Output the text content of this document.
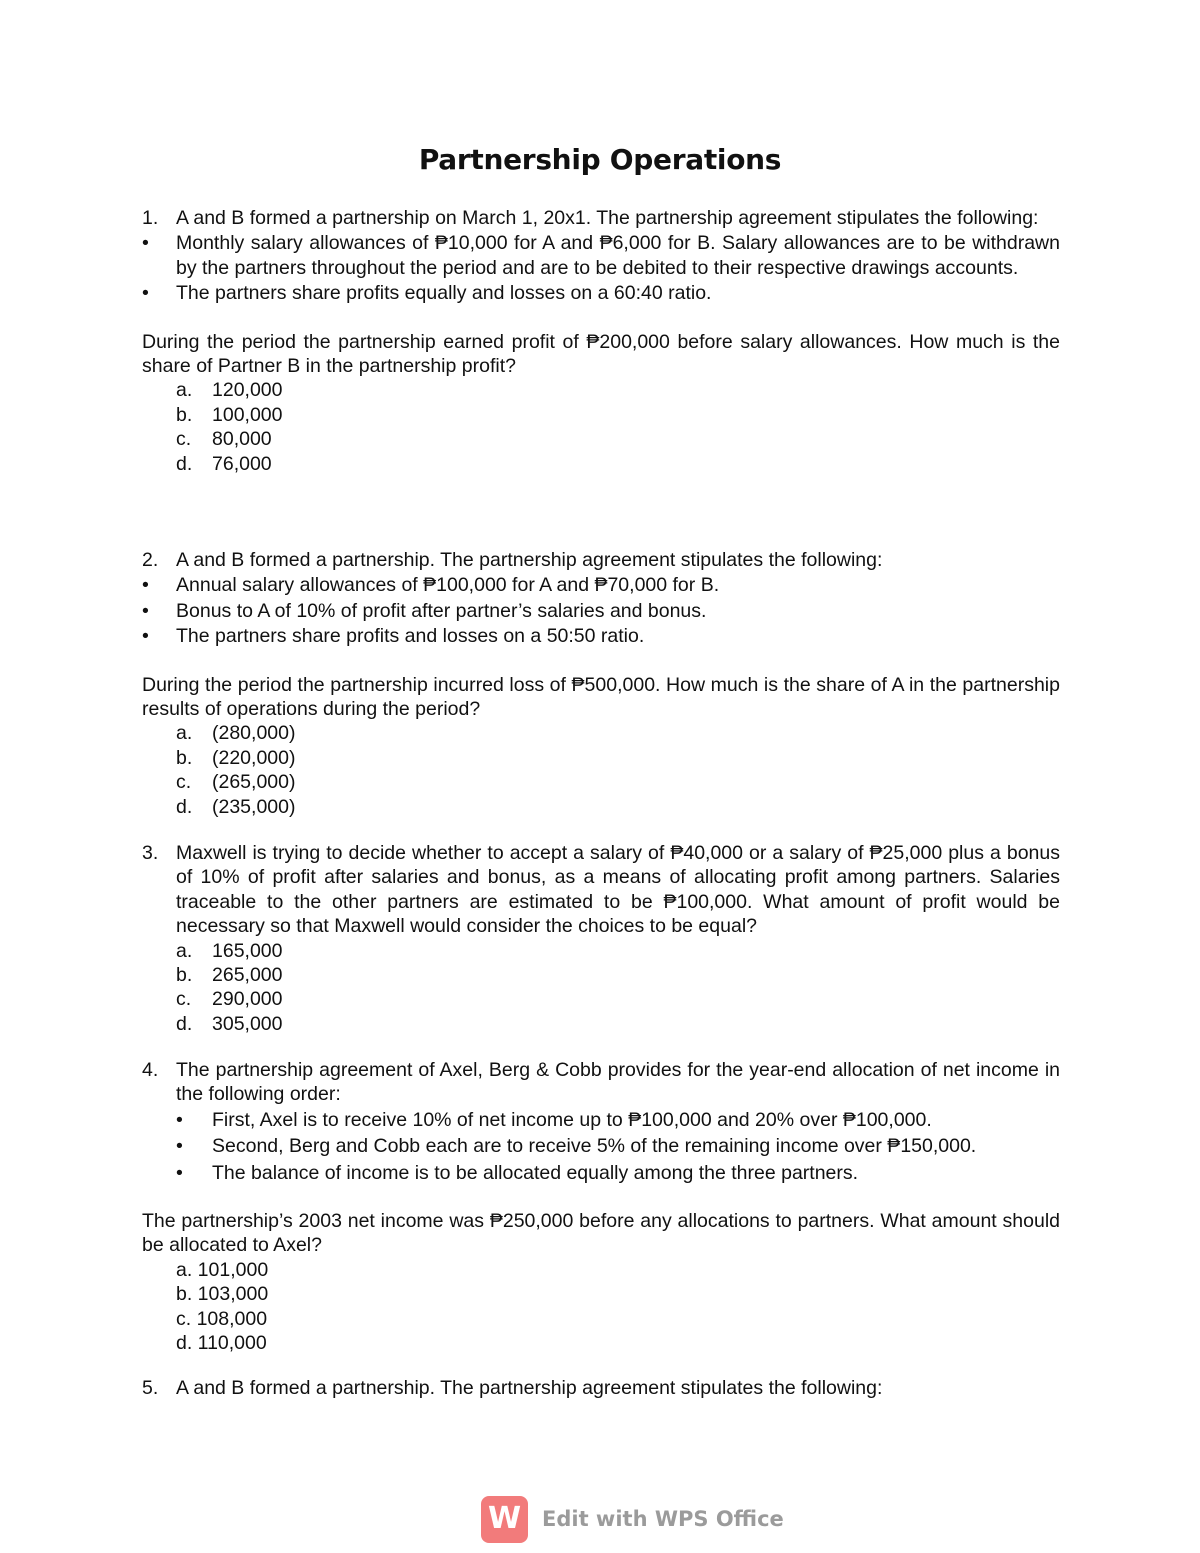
Partnership Operations
1. A and B formed a partnership on March 1, 20x1. The partnership agreement stipulates the following:
•	Monthly salary allowances of ₱10,000 for A and ₱6,000 for B. Salary allowances are to be withdrawn by the partners throughout the period and are to be debited to their respective drawings accounts.
•	The partners share profits equally and losses on a 60:40 ratio.
During the period the partnership earned profit of ₱200,000 before salary allowances. How much is the share of Partner B in the partnership profit?
a. 120,000
b. 100,000
c. 80,000
d. 76,000
2. A and B formed a partnership. The partnership agreement stipulates the following:
•	Annual salary allowances of ₱100,000 for A and ₱70,000 for B.
•	Bonus to A of 10% of profit after partner’s salaries and bonus.
•	The partners share profits and losses on a 50:50 ratio.
During the period the partnership incurred loss of ₱500,000. How much is the share of A in the partnership results of operations during the period?
a. (280,000)
b. (220,000)
c. (265,000)
d. (235,000)
3. Maxwell is trying to decide whether to accept a salary of ₱40,000 or a salary of ₱25,000 plus a bonus of 10% of profit after salaries and bonus, as a means of allocating profit among partners. Salaries traceable to the other partners are estimated to be ₱100,000. What amount of profit would be necessary so that Maxwell would consider the choices to be equal?
a. 165,000
b. 265,000
c. 290,000
d. 305,000
4. The partnership agreement of Axel, Berg & Cobb provides for the year-end allocation of net income in the following order:
• First, Axel is to receive 10% of net income up to ₱100,000 and 20% over ₱100,000.
• Second, Berg and Cobb each are to receive 5% of the remaining income over ₱150,000.
• The balance of income is to be allocated equally among the three partners.
The partnership’s 2003 net income was ₱250,000 before any allocations to partners. What amount should be allocated to Axel?
a. 101,000
b. 103,000
c. 108,000
d. 110,000
5. A and B formed a partnership. The partnership agreement stipulates the following:
W Edit with WPS Office
